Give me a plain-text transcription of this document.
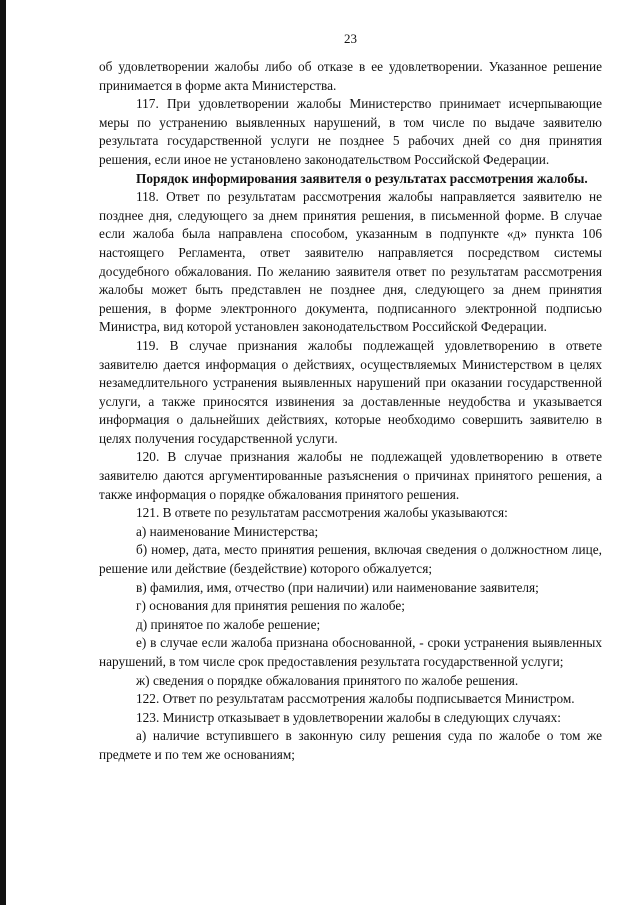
23

об удовлетворении жалобы либо об отказе в ее удовлетворении. Указанное решение принимается в форме акта Министерства.

117. При удовлетворении жалобы Министерство принимает исчерпывающие меры по устранению выявленных нарушений, в том числе по выдаче заявителю результата государственной услуги не позднее 5 рабочих дней со дня принятия решения, если иное не установлено законодательством Российской Федерации.

Порядок информирования заявителя о результатах рассмотрения жалобы.

118. Ответ по результатам рассмотрения жалобы направляется заявителю не позднее дня, следующего за днем принятия решения, в письменной форме. В случае если жалоба была направлена способом, указанным в подпункте «д» пункта 106 настоящего Регламента, ответ заявителю направляется посредством системы досудебного обжалования. По желанию заявителя ответ по результатам рассмотрения жалобы может быть представлен не позднее дня, следующего за днем принятия решения, в форме электронного документа, подписанного электронной подписью Министра, вид которой установлен законодательством Российской Федерации.

119. В случае признания жалобы подлежащей удовлетворению в ответе заявителю дается информация о действиях, осуществляемых Министерством в целях незамедлительного устранения выявленных нарушений при оказании государственной услуги, а также приносятся извинения за доставленные неудобства и указывается информация о дальнейших действиях, которые необходимо совершить заявителю в целях получения государственной услуги.

120. В случае признания жалобы не подлежащей удовлетворению в ответе заявителю даются аргументированные разъяснения о причинах принятого решения, а также информация о порядке обжалования принятого решения.

121. В ответе по результатам рассмотрения жалобы указываются:

а) наименование Министерства;

б) номер, дата, место принятия решения, включая сведения о должностном лице, решение или действие (бездействие) которого обжалуется;

в) фамилия, имя, отчество (при наличии) или наименование заявителя;

г) основания для принятия решения по жалобе;

д) принятое по жалобе решение;

е) в случае если жалоба признана обоснованной, - сроки устранения выявленных нарушений, в том числе срок предоставления результата государственной услуги;

ж) сведения о порядке обжалования принятого по жалобе решения.

122. Ответ по результатам рассмотрения жалобы подписывается Министром.

123. Министр отказывает в удовлетворении жалобы в следующих случаях:

а) наличие вступившего в законную силу решения суда по жалобе о том же предмете и по тем же основаниям;
